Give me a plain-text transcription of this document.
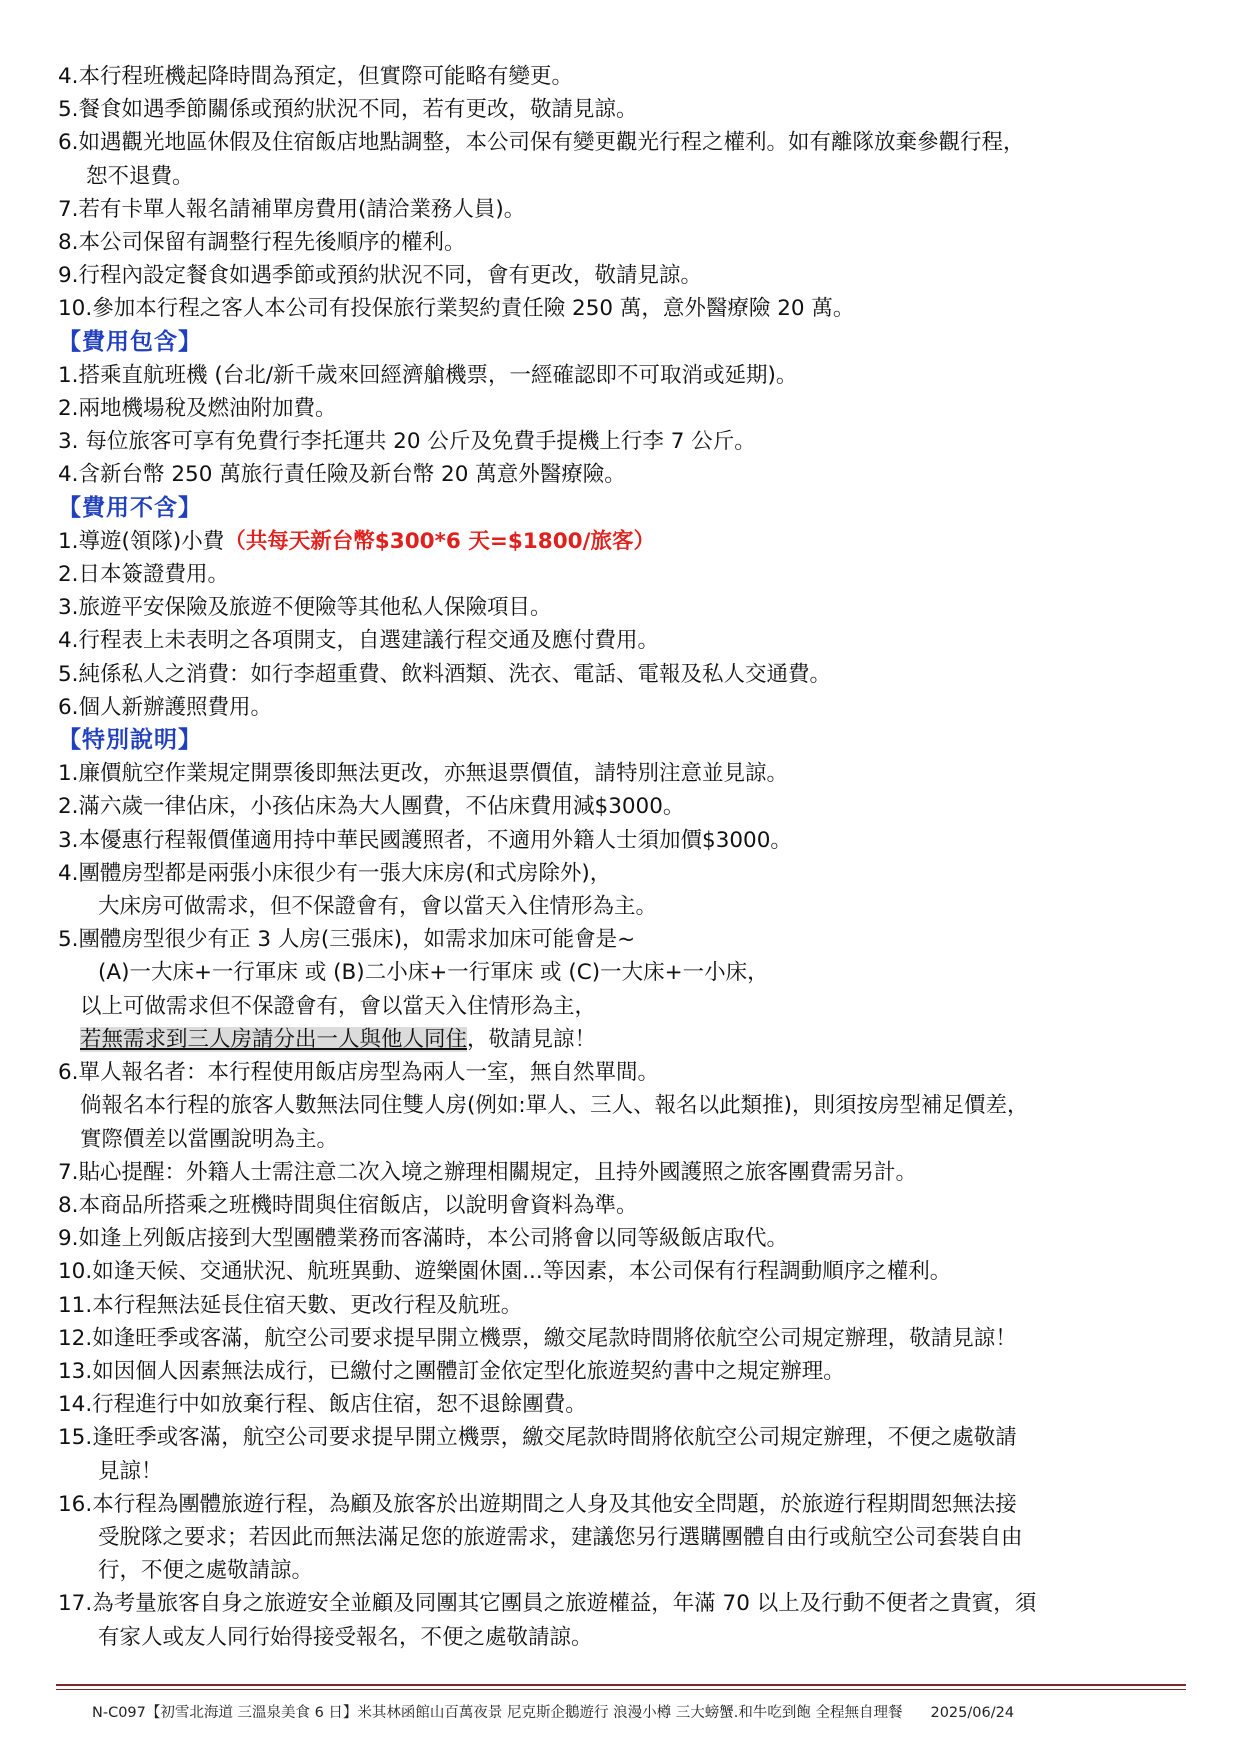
4.本行程班機起降時間為預定，但實際可能略有變更。
5.餐食如遇季節關係或預約狀況不同，若有更改，敬請見諒。
6.如遇觀光地區休假及住宿飯店地點調整，本公司保有變更觀光行程之權利。如有離隊放棄參觀行程，
恕不退費。
7.若有卡單人報名請補單房費用(請洽業務人員)。
8.本公司保留有調整行程先後順序的權利。
9.行程內設定餐食如遇季節或預約狀況不同，會有更改，敬請見諒。
10.參加本行程之客人本公司有投保旅行業契約責任險 250 萬，意外醫療險 20 萬。
【費用包含】
1.搭乘直航班機 (台北/新千歲來回經濟艙機票，一經確認即不可取消或延期)。
2.兩地機場稅及燃油附加費。
3. 每位旅客可享有免費行李托運共 20 公斤及免費手提機上行李 7 公斤。
4.含新台幣 250 萬旅行責任險及新台幣 20 萬意外醫療險。
【費用不含】
1.導遊(領隊)小費（共每天新台幣$300*6 天=$1800/旅客）
2.日本簽證費用。
3.旅遊平安保險及旅遊不便險等其他私人保險項目。
4.行程表上未表明之各項開支，自選建議行程交通及應付費用。
5.純係私人之消費：如行李超重費、飲料酒類、洗衣、電話、電報及私人交通費。
6.個人新辦護照費用。
【特別說明】
1.廉價航空作業規定開票後即無法更改，亦無退票價值，請特別注意並見諒。
2.滿六歲一律佔床，小孩佔床為大人團費，不佔床費用減$3000。
3.本優惠行程報價僅適用持中華民國護照者，不適用外籍人士須加價$3000。
4.團體房型都是兩張小床很少有一張大床房(和式房除外)，
大床房可做需求，但不保證會有，會以當天入住情形為主。
5.團體房型很少有正 3 人房(三張床)，如需求加床可能會是~
(A)一大床+一行軍床 或 (B)二小床+一行軍床 或 (C)一大床+一小床，
以上可做需求但不保證會有，會以當天入住情形為主，
若無需求到三人房請分出一人與他人同住，敬請見諒！
6.單人報名者：本行程使用飯店房型為兩人一室，無自然單間。
倘報名本行程的旅客人數無法同住雙人房(例如:單人、三人、報名以此類推)，則須按房型補足價差，
實際價差以當團說明為主。
7.貼心提醒：外籍人士需注意二次入境之辦理相關規定，且持外國護照之旅客團費需另計。
8.本商品所搭乘之班機時間與住宿飯店，以說明會資料為準。
9.如逢上列飯店接到大型團體業務而客滿時，本公司將會以同等級飯店取代。
10.如逢天候、交通狀況、航班異動、遊樂園休園...等因素，本公司保有行程調動順序之權利。
11.本行程無法延長住宿天數、更改行程及航班。
12.如逢旺季或客滿，航空公司要求提早開立機票，繳交尾款時間將依航空公司規定辦理，敬請見諒！
13.如因個人因素無法成行，已繳付之團體訂金依定型化旅遊契約書中之規定辦理。
14.行程進行中如放棄行程、飯店住宿，恕不退餘團費。
15.逢旺季或客滿，航空公司要求提早開立機票，繳交尾款時間將依航空公司規定辦理，不便之處敬請
見諒！
16.本行程為團體旅遊行程，為顧及旅客於出遊期間之人身及其他安全問題，於旅遊行程期間恕無法接
受脫隊之要求；若因此而無法滿足您的旅遊需求，建議您另行選購團體自由行或航空公司套裝自由
行，不便之處敬請諒。
17.為考量旅客自身之旅遊安全並顧及同團其它團員之旅遊權益，年滿 70 以上及行動不便者之貴賓，須
有家人或友人同行始得接受報名，不便之處敬請諒。
N-C097【初雪北海道 三溫泉美食 6 日】米其林函館山百萬夜景 尼克斯企鵝遊行 浪漫小樽 三大螃蟹.和牛吃到飽 全程無自理餐 2025/06/24
